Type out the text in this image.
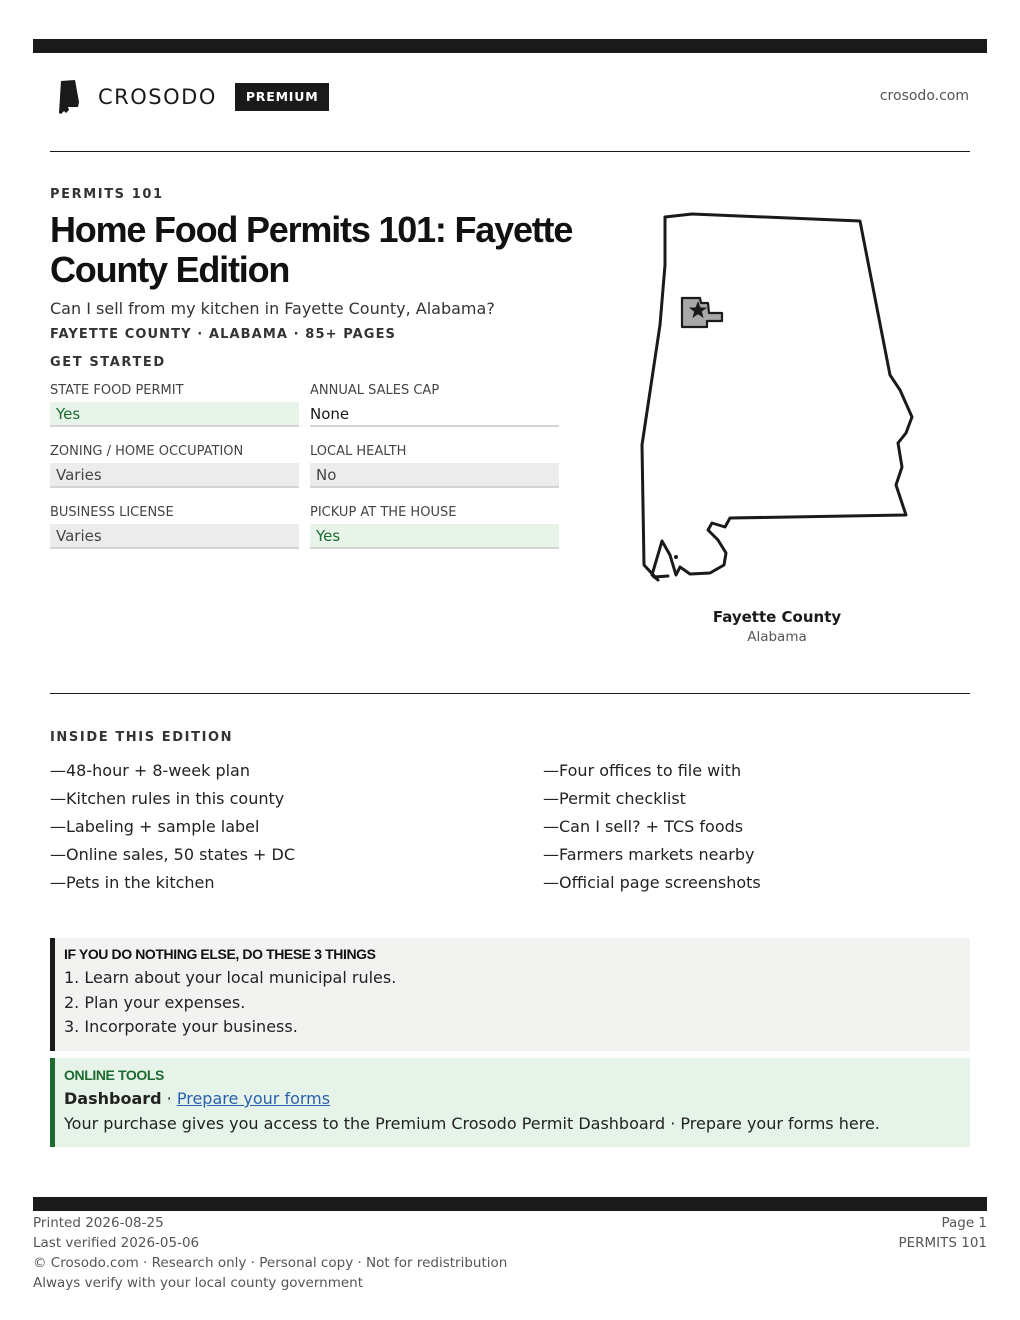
CROSODO	PREMIUM	crosodo.com
PERMITS 101
Home Food Permits 101: Fayette County Edition
Can I sell from my kitchen in Fayette County, Alabama?
FAYETTE COUNTY · ALABAMA · 85+ PAGES
GET STARTED
STATE FOOD PERMIT
Yes
ANNUAL SALES CAP
None
ZONING / HOME OCCUPATION
Varies
LOCAL HEALTH
No
BUSINESS LICENSE
Varies
PICKUP AT THE HOUSE
Yes
Fayette County
Alabama
INSIDE THIS EDITION
—48-hour + 8-week plan
—Kitchen rules in this county
—Labeling + sample label
—Online sales, 50 states + DC
—Pets in the kitchen
—Four offices to file with
—Permit checklist
—Can I sell? + TCS foods
—Farmers markets nearby
—Official page screenshots
IF YOU DO NOTHING ELSE, DO THESE 3 THINGS
1. Learn about your local municipal rules.
2. Plan your expenses.
3. Incorporate your business.
ONLINE TOOLS
Dashboard · Prepare your forms
Your purchase gives you access to the Premium Crosodo Permit Dashboard · Prepare your forms here.
Printed 2026-08-25
Last verified 2026-05-06
© Crosodo.com · Research only · Personal copy · Not for redistribution
Always verify with your local county government
Page 1
PERMITS 101
